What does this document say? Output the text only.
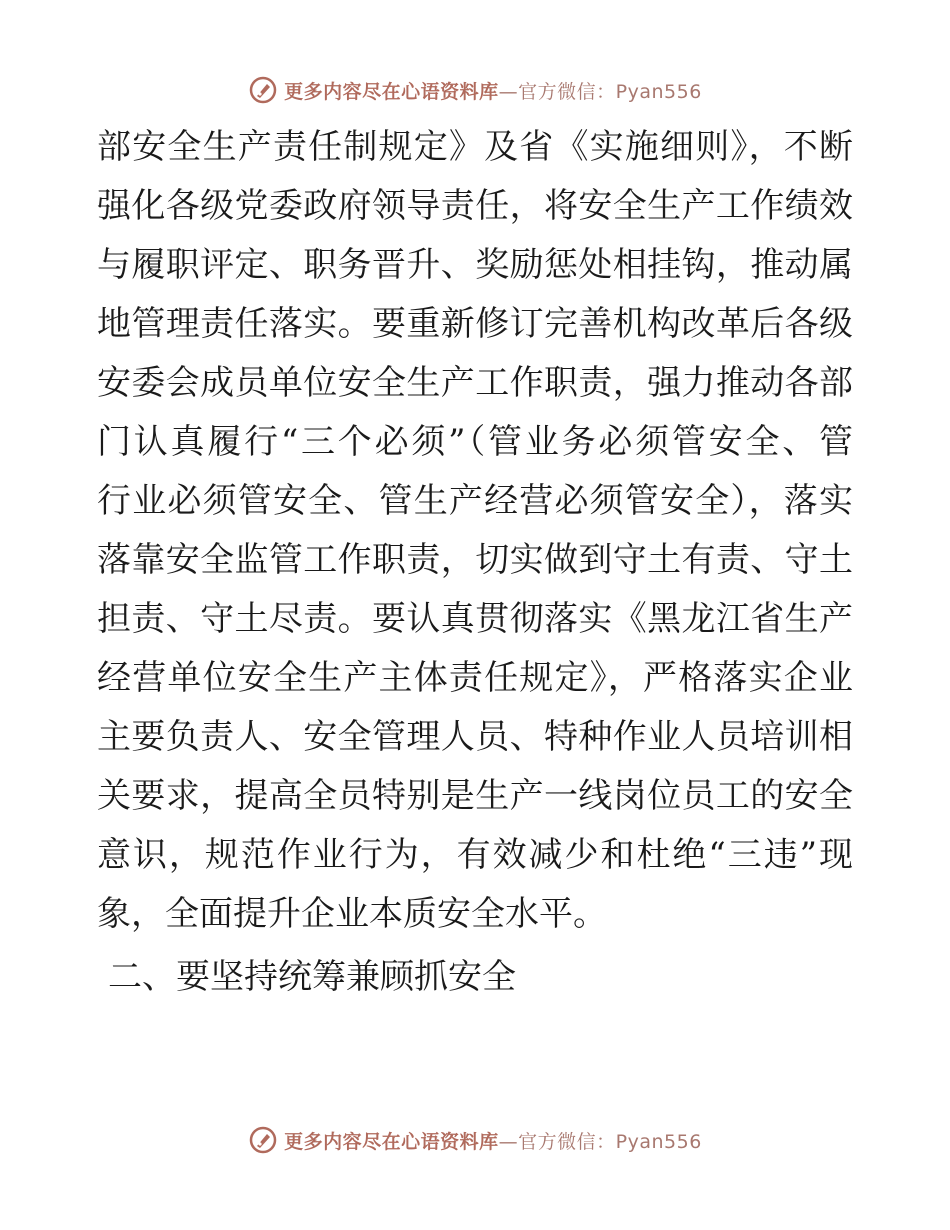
更多内容尽在心语资料库—官方微信：Pyan556
部安全生产责任制规定》及省《实施细则》，不断
强化各级党委政府领导责任，将安全生产工作绩效
与履职评定、职务晋升、奖励惩处相挂钩，推动属
地管理责任落实。要重新修订完善机构改革后各级
安委会成员单位安全生产工作职责，强力推动各部
门认真履行“三个必须”（管业务必须管安全、管
行业必须管安全、管生产经营必须管安全），落实
落靠安全监管工作职责，切实做到守土有责、守土
担责、守土尽责。要认真贯彻落实《黑龙江省生产
经营单位安全生产主体责任规定》，严格落实企业
主要负责人、安全管理人员、特种作业人员培训相
关要求，提高全员特别是生产一线岗位员工的安全
意识，规范作业行为，有效减少和杜绝“三违”现
象，全面提升企业本质安全水平。
二、要坚持统筹兼顾抓安全
更多内容尽在心语资料库—官方微信：Pyan556
